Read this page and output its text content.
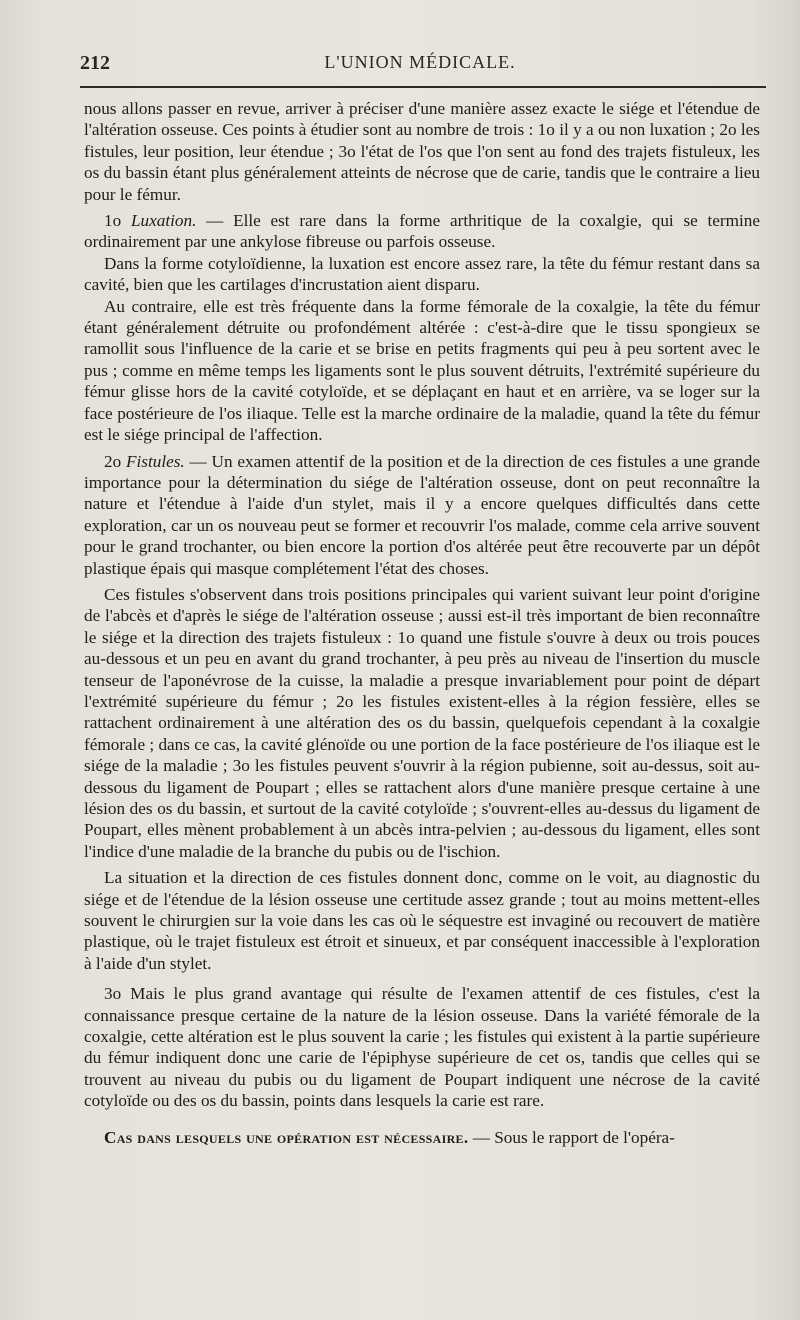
212	L'UNION MÉDICALE.

nous allons passer en revue, arriver à préciser d'une manière assez exacte le siége et l'étendue de l'altération osseuse. Ces points à étudier sont au nombre de trois : 1o il y a ou non luxation ; 2o les fistules, leur position, leur étendue ; 3o l'état de l'os que l'on sent au fond des trajets fistuleux, les os du bassin étant plus généralement atteints de nécrose que de carie, tandis que le contraire a lieu pour le fémur.

1o Luxation. — Elle est rare dans la forme arthritique de la coxalgie, qui se termine ordinairement par une ankylose fibreuse ou parfois osseuse.

Dans la forme cotyloïdienne, la luxation est encore assez rare, la tête du fémur restant dans sa cavité, bien que les cartilages d'incrustation aient disparu.

Au contraire, elle est très fréquente dans la forme fémorale de la coxalgie, la tête du fémur étant généralement détruite ou profondément altérée : c'est-à-dire que le tissu spongieux se ramollit sous l'influence de la carie et se brise en petits fragments qui peu à peu sortent avec le pus ; comme en même temps les ligaments sont le plus souvent détruits, l'extrémité supérieure du fémur glisse hors de la cavité cotyloïde, et se déplaçant en haut et en arrière, va se loger sur la face postérieure de l'os iliaque. Telle est la marche ordinaire de la maladie, quand la tête du fémur est le siége principal de l'affection.

2o Fistules. — Un examen attentif de la position et de la direction de ces fistules a une grande importance pour la détermination du siége de l'altération osseuse, dont on peut reconnaître la nature et l'étendue à l'aide d'un stylet, mais il y a encore quelques difficultés dans cette exploration, car un os nouveau peut se former et recouvrir l'os malade, comme cela arrive souvent pour le grand trochanter, ou bien encore la portion d'os altérée peut être recouverte par un dépôt plastique épais qui masque complétement l'état des choses.

Ces fistules s'observent dans trois positions principales qui varient suivant leur point d'origine de l'abcès et d'après le siége de l'altération osseuse ; aussi est-il très important de bien reconnaître le siége et la direction des trajets fistuleux : 1o quand une fistule s'ouvre à deux ou trois pouces au-dessous et un peu en avant du grand trochanter, à peu près au niveau de l'insertion du muscle tenseur de l'aponévrose de la cuisse, la maladie a presque invariablement pour point de départ l'extrémité supérieure du fémur ; 2o les fistules existent-elles à la région fessière, elles se rattachent ordinairement à une altération des os du bassin, quelquefois cependant à la coxalgie fémorale ; dans ce cas, la cavité glénoïde ou une portion de la face postérieure de l'os iliaque est le siége de la maladie ; 3o les fistules peuvent s'ouvrir à la région pubienne, soit au-dessus, soit au-dessous du ligament de Poupart ; elles se rattachent alors d'une manière presque certaine à une lésion des os du bassin, et surtout de la cavité cotyloïde ; s'ouvrent-elles au-dessus du ligament de Poupart, elles mènent probablement à un abcès intra-pelvien ; au-dessous du ligament, elles sont l'indice d'une maladie de la branche du pubis ou de l'ischion.

La situation et la direction de ces fistules donnent donc, comme on le voit, au diagnostic du siége et de l'étendue de la lésion osseuse une certitude assez grande ; tout au moins mettent-elles souvent le chirurgien sur la voie dans les cas où le séquestre est invaginé ou recouvert de matière plastique, où le trajet fistuleux est étroit et sinueux, et par conséquent inaccessible à l'exploration à l'aide d'un stylet.

3o Mais le plus grand avantage qui résulte de l'examen attentif de ces fistules, c'est la connaissance presque certaine de la nature de la lésion osseuse. Dans la variété fémorale de la coxalgie, cette altération est le plus souvent la carie ; les fistules qui existent à la partie supérieure du fémur indiquent donc une carie de l'épiphyse supérieure de cet os, tandis que celles qui se trouvent au niveau du pubis ou du ligament de Poupart indiquent une nécrose de la cavité cotyloïde ou des os du bassin, points dans lesquels la carie est rare.

Cas dans lesquels une opération est nécessaire. — Sous le rapport de l'opéra-
